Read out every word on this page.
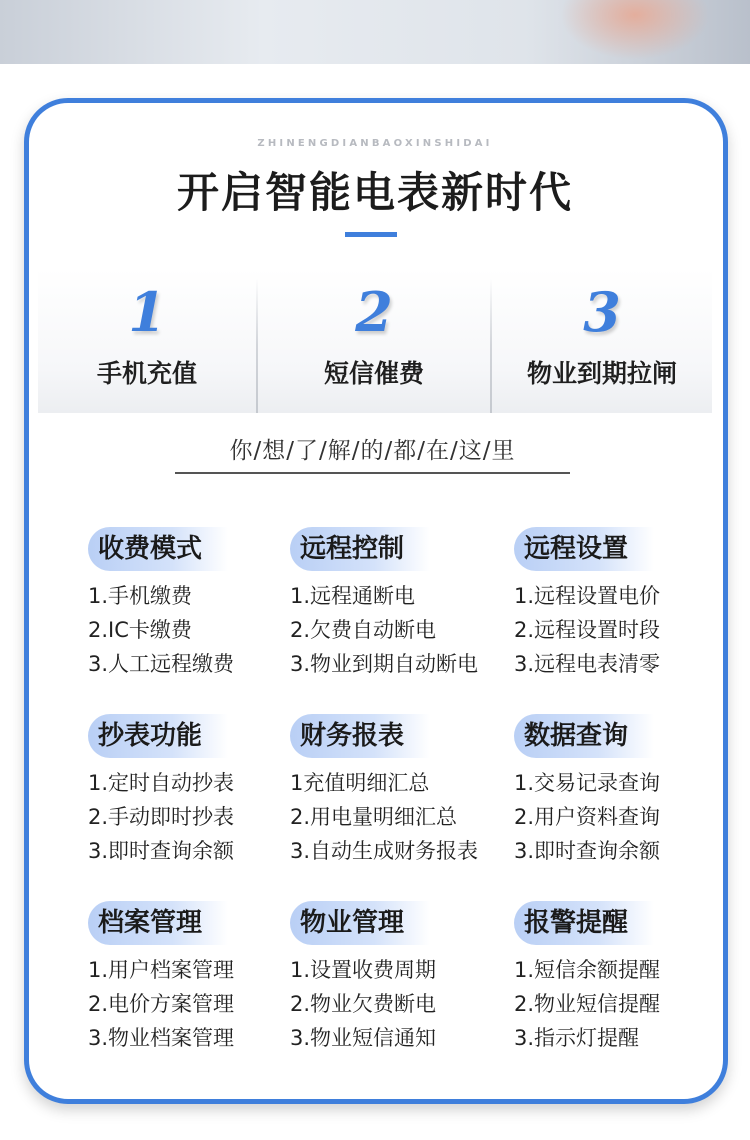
ZHINENGDIANBAOXINSHIDAI
开启智能电表新时代
1
手机充值
2
短信催费
3
物业到期拉闸
你/想/了/解/的/都/在/这/里
收费模式
1.手机缴费
2.IC卡缴费
3.人工远程缴费
远程控制
1.远程通断电
2.欠费自动断电
3.物业到期自动断电
远程设置
1.远程设置电价
2.远程设置时段
3.远程电表清零
抄表功能
1.定时自动抄表
2.手动即时抄表
3.即时查询余额
财务报表
1充值明细汇总
2.用电量明细汇总
3.自动生成财务报表
数据查询
1.交易记录查询
2.用户资料查询
3.即时查询余额
档案管理
1.用户档案管理
2.电价方案管理
3.物业档案管理
物业管理
1.设置收费周期
2.物业欠费断电
3.物业短信通知
报警提醒
1.短信余额提醒
2.物业短信提醒
3.指示灯提醒
